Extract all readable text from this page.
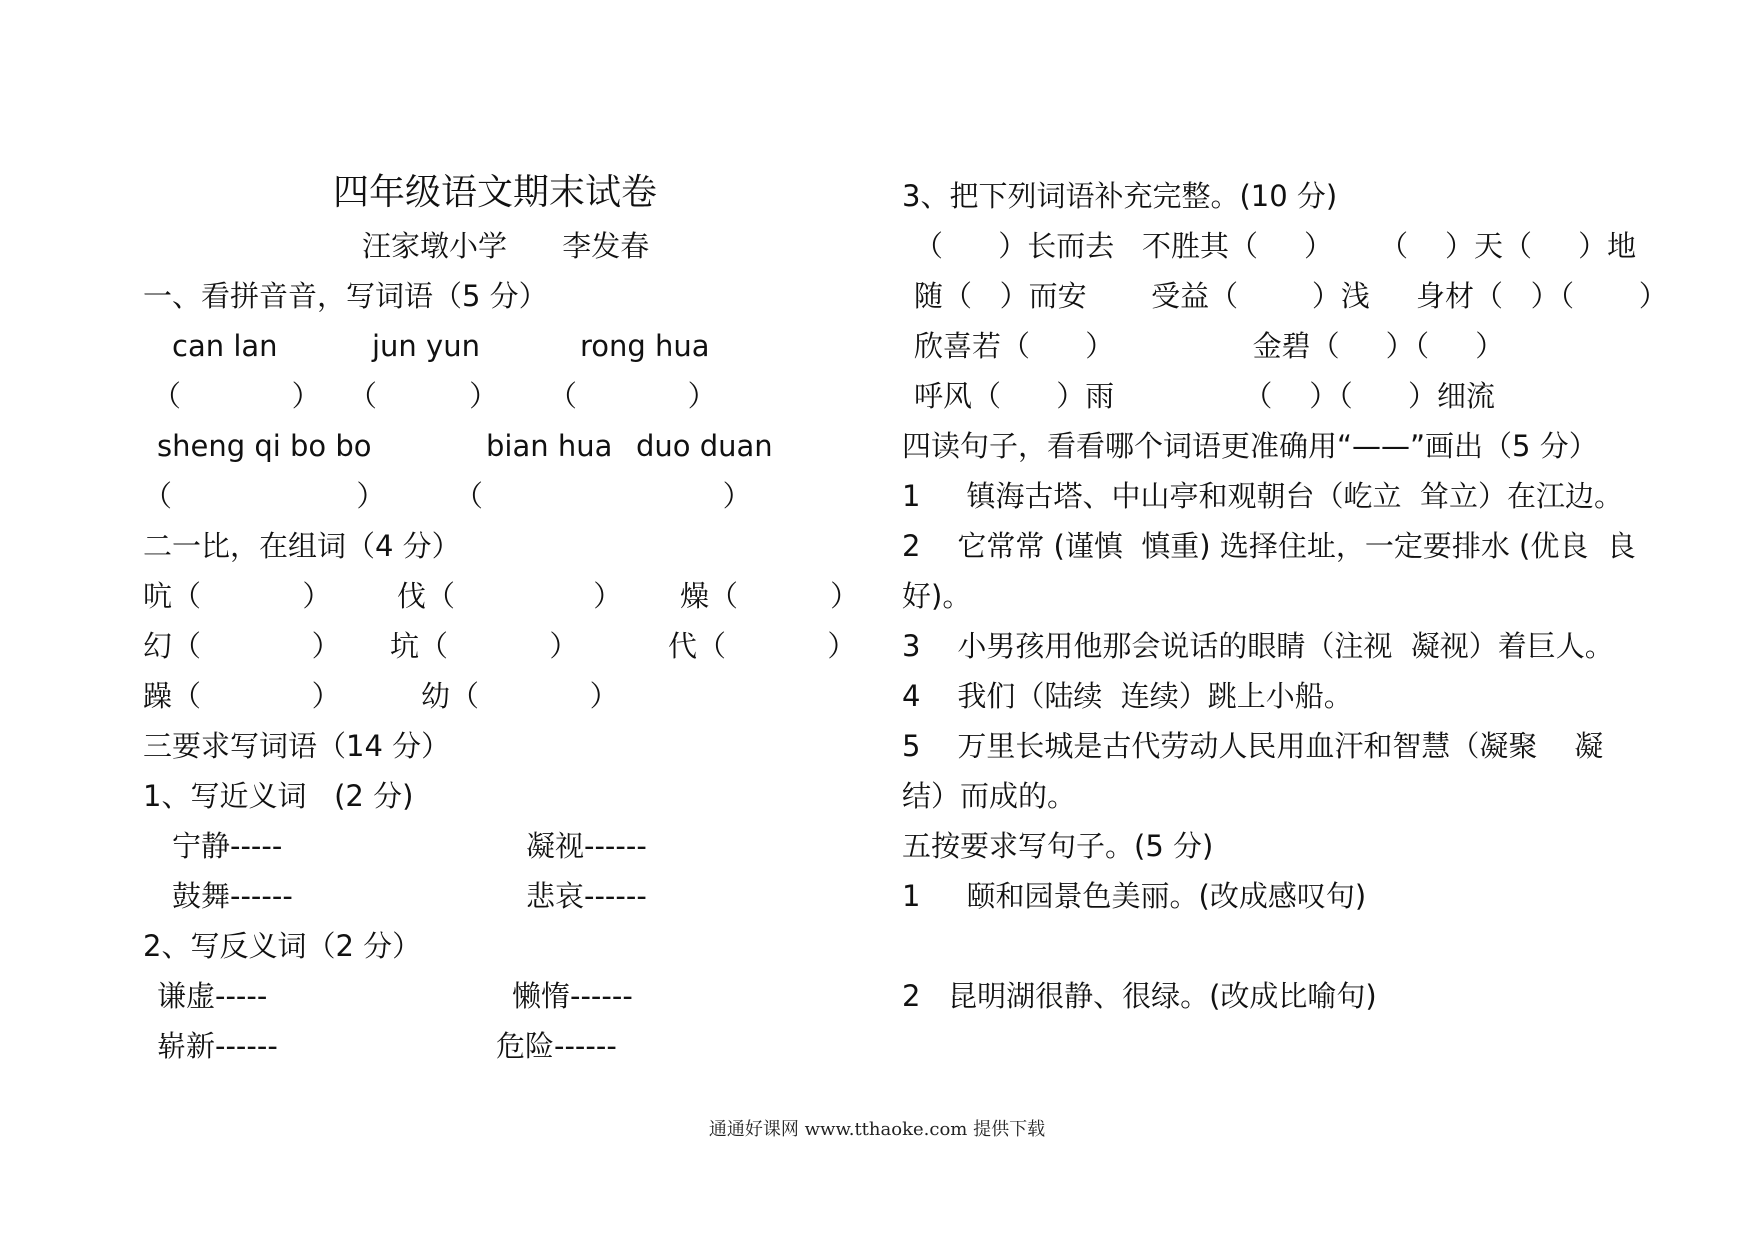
四年级语文期末试卷
汪家墩小学      李发春
一、看拼音音，写词语（5 分）
can lan	jun yun	rong hua
（            ） （          ） （            ）
sheng qi bo bo	bian hua duo duan
（                    ） （                          ）
二一比，在组词（4 分）
吭（           ） 伐（               ） 燥（          ）
幻（            ） 坑（           ）	代（           ）
躁（            ）	幼（            ）
三要求写词语（14 分）
1、写近义词   (2 分)
宁静-----	凝视------
鼓舞------	悲哀------
2、写反义词（2 分）
谦虚-----	懒惰------
崭新------	危险------
3、把下列词语补充完整。(10 分)
（      ）长而去   不胜其（     ）     （    ）天（     ）地
随（   ）而安       受益（        ）浅     身材（   ）（       ）
欣喜若（      ）               金碧（     ）（     ）
呼风（      ）雨              （    ）（      ）细流
四读句子，看看哪个词语更准确用“——”画出（5 分）
1     镇海古塔、中山亭和观朝台（屹立  耸立）在江边。
2    它常常 (谨慎  慎重) 选择住址，一定要排水 (优良  良
好)。
3    小男孩用他那会说话的眼睛（注视  凝视）着巨人。
4    我们（陆续  连续）跳上小船。
5    万里长城是古代劳动人民用血汗和智慧（凝聚    凝
结）而成的。
五按要求写句子。(5 分)
1     颐和园景色美丽。(改成感叹句)
2   昆明湖很静、很绿。(改成比喻句)
通通好课网 www.tthaoke.com 提供下载
